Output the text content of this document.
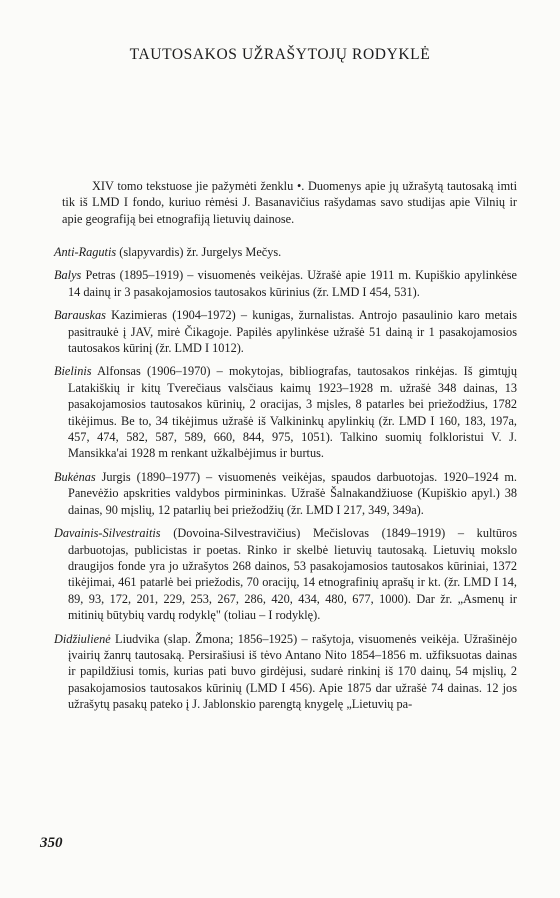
TAUTOSAKOS UŽRAŠYTOJŲ RODYKLĖ

XIV tomo tekstuose jie pažymėti ženklu •. Duomenys apie jų užrašytą tautosaką imti tik iš LMD I fondo, kuriuo rėmėsi J. Basanavičius rašydamas savo studijas apie Vilnių ir apie geografiją bei etnografiją lietuvių dainose.

Anti-Ragutis (slapyvardis) žr. Jurgelys Mečys.

Balys Petras (1895–1919) – visuomenės veikėjas. Užrašė apie 1911 m. Kupiškio apylinkėse 14 dainų ir 3 pasakojamosios tautosakos kūrinius (žr. LMD I 454, 531).

Barauskas Kazimieras (1904–1972) – kunigas, žurnalistas. Antrojo pasaulinio karo metais pasitraukė į JAV, mirė Čikagoje. Papilės apylinkėse užrašė 51 dainą ir 1 pasakojamosios tautosakos kūrinį (žr. LMD I 1012).

Bielinis Alfonsas (1906–1970) – mokytojas, bibliografas, tautosakos rinkėjas. Iš gimtųjų Latakiškių ir kitų Tverečiaus valsčiaus kaimų 1923–1928 m. užrašė 348 dainas, 13 pasakojamosios tautosakos kūrinių, 2 oracijas, 3 mįsles, 8 patarles bei priežodžius, 1782 tikėjimus. Be to, 34 tikėjimus užrašė iš Valkininkų apylinkių (žr. LMD I 160, 183, 197a, 457, 474, 582, 587, 589, 660, 844, 975, 1051). Talkino suomių folkloristui V. J. Mansikka'ai 1928 m renkant užkalbėjimus ir burtus.

Bukėnas Jurgis (1890–1977) – visuomenės veikėjas, spaudos darbuotojas. 1920–1924 m. Panevėžio apskrities valdybos pirmininkas. Užrašė Šalnakandžiuose (Kupiškio apyl.) 38 dainas, 90 mįslių, 12 patarlių bei priežodžių (žr. LMD I 217, 349, 349a).

Davainis-Silvestraitis (Dovoina-Silvestravičius) Mečislovas (1849–1919) – kultūros darbuotojas, publicistas ir poetas. Rinko ir skelbė lietuvių tautosaką. Lietuvių mokslo draugijos fonde yra jo užrašytos 268 dainos, 53 pasakojamosios tautosakos kūriniai, 1372 tikėjimai, 461 patarlė bei priežodis, 70 oracijų, 14 etnografinių aprašų ir kt. (žr. LMD I 14, 89, 93, 172, 201, 229, 253, 267, 286, 420, 434, 480, 677, 1000). Dar žr. „Asmenų ir mitinių būtybių vardų rodyklę" (toliau – I rodyklę).

Didžiulienė Liudvika (slap. Žmona; 1856–1925) – rašytoja, visuomenės veikėja. Užrašinėjo įvairių žanrų tautosaką. Persirašiusi iš tėvo Antano Nito 1854–1856 m. užfiksuotas dainas ir papildžiusi tomis, kurias pati buvo girdėjusi, sudarė rinkinį iš 170 dainų, 54 mįslių, 2 pasakojamosios tautosakos kūrinių (LMD I 456). Apie 1875 dar užrašė 74 dainas. 12 jos užrašytų pasakų pateko į J. Jablonskio parengtą knygelę „Lietuvių pa-

350
